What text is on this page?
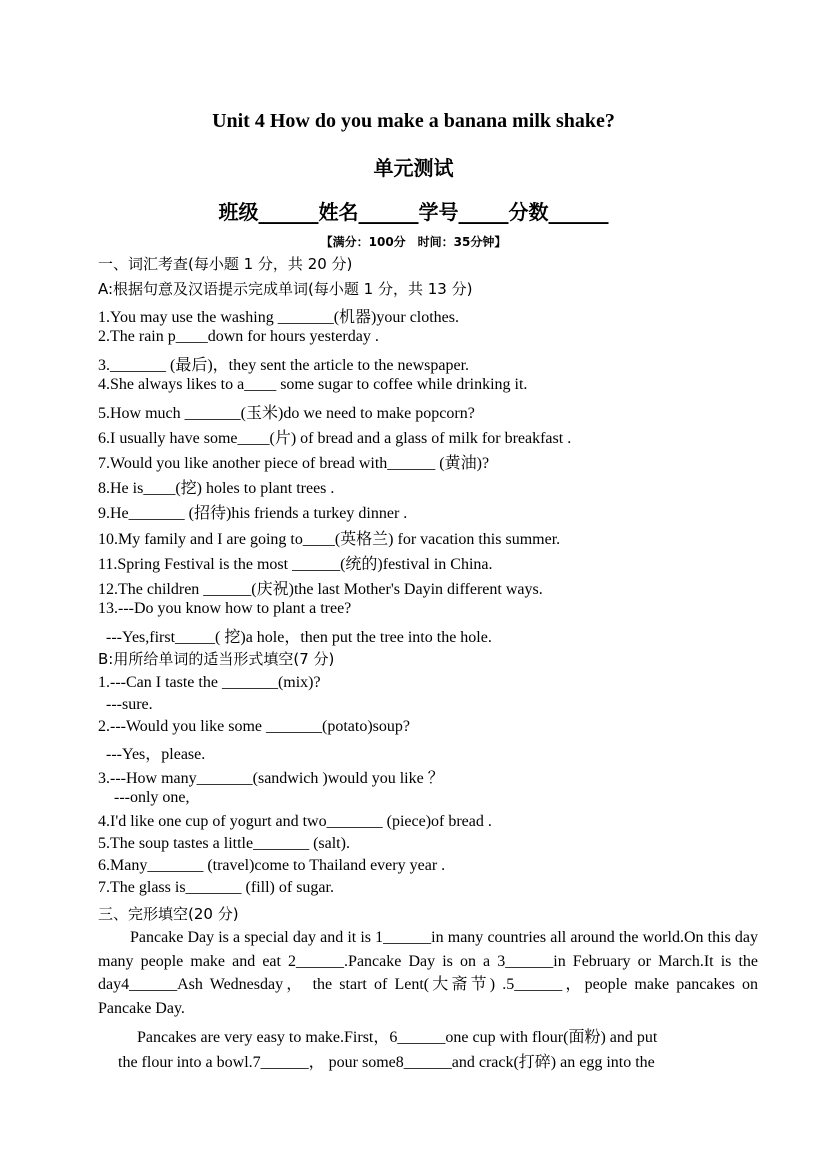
Unit 4 How do you make a banana milk shake?
单元测试
班级______姓名______学号_____分数______
【满分：100分　时间：35分钟】
一、词汇考查(每小题 1 分，共 20 分)
A:根据句意及汉语提示完成单词(每小题 1 分，共 13 分)
1.You may use the washing _______(机器)your clothes.
2.The rain p____down for hours yesterday .
3._______ (最后)，they sent the article to the newspaper.
4.She always likes to a____ some sugar to coffee while drinking it.
5.How much _______(玉米)do we need to make popcorn?
6.I usually have some____(片) of bread and a glass of milk for breakfast .
7.Would you like another piece of bread with______ (黄油)?
8.He is____(挖) holes to plant trees .
9.He_______ (招待)his friends a turkey dinner .
10.My family and I are going to____(英格兰) for vacation this summer.
11.Spring Festival is the most ______(统的)festival in China.
12.The children ______(庆祝)the last Mother's Dayin different ways.
13.---Do you know how to plant a tree?
---Yes,first_____( 挖)a hole，then put the tree into the hole.
B:用所给单词的适当形式填空(7 分)
1.---Can I taste the _______(mix)?
---sure.
2.---Would you like some _______(potato)soup?
---Yes，please.
3.---How many_______(sandwich )would you like ？
---only one,
4.I'd like one cup of yogurt and two_______ (piece)of bread .
5.The soup tastes a little_______ (salt).
6.Many_______ (travel)come to Thailand every year .
7.The glass is_______ (fill) of sugar.
三、完形填空(20 分)
Pancake Day is a special day and it is 1______in many countries all around the world.On this day many people make and eat 2______.Pancake Day is on a 3______in February or March.It is the day4______Ash Wednesday， the start of Lent(大斋节) .5______，people make pancakes on Pancake Day.
Pancakes are very easy to make.First，6______one cup with flour(面粉) and put
the flour into a bowl.7______， pour some8______and crack(打碎) an egg into the
